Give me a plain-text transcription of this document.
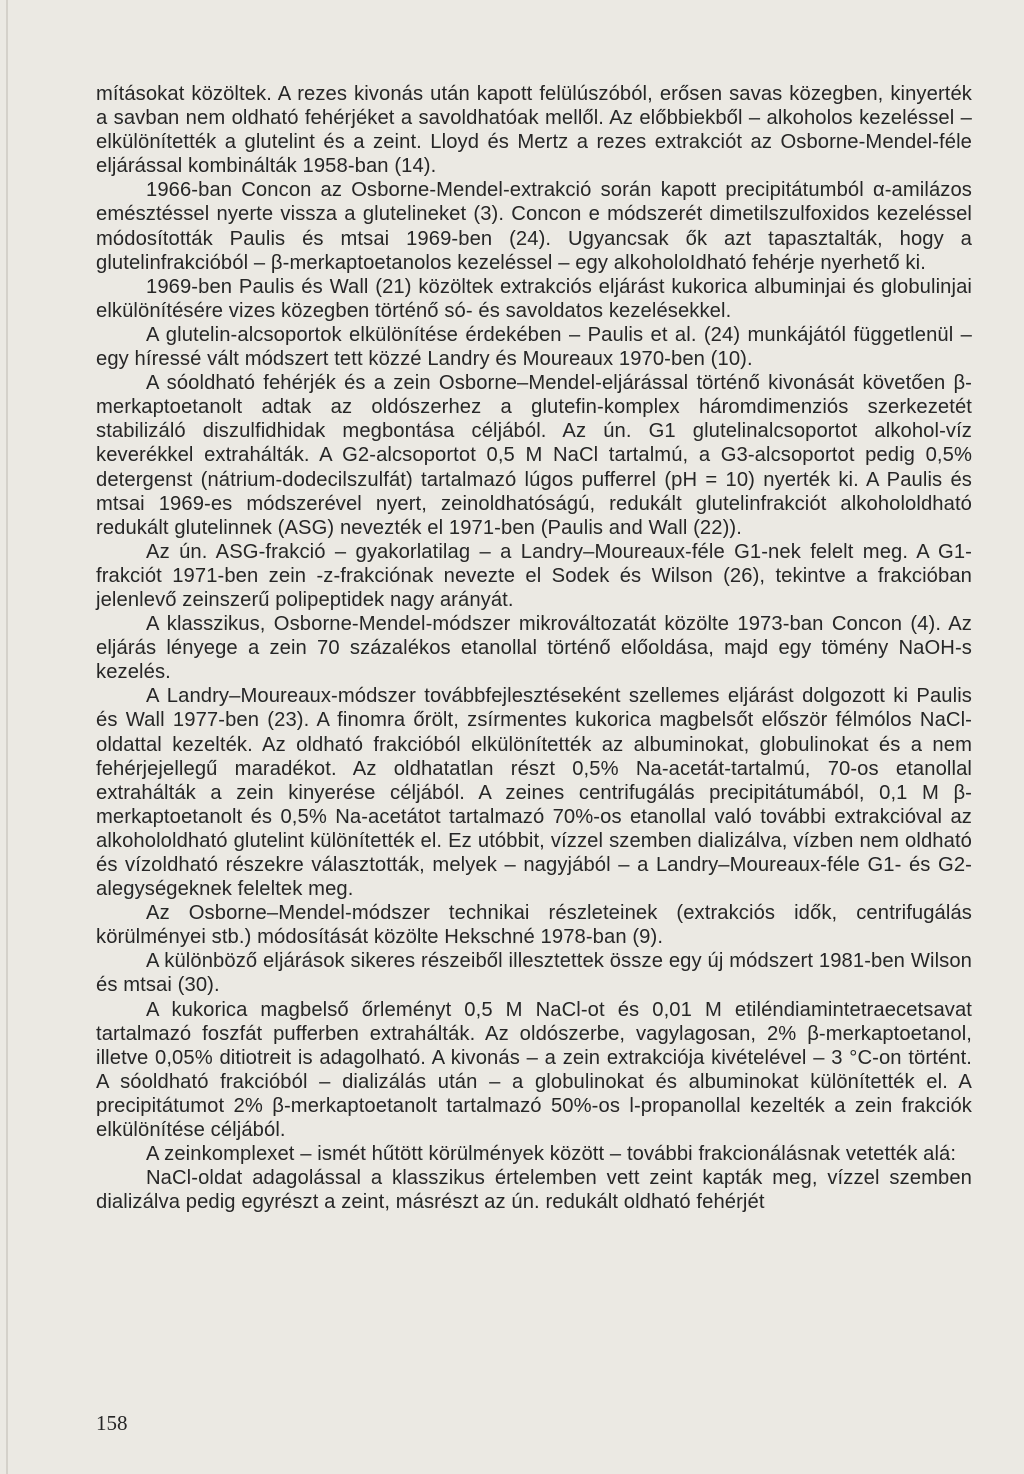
mításokat közöltek. A rezes kivonás után kapott felülúszóból, erősen savas közegben, kinyerték a savban nem oldható fehérjéket a savoldhatóak mellől. Az előbbiekből – alkoholos kezeléssel – elkülönítették a glutelint és a zeint. Lloyd és Mertz a rezes extrakciót az Osborne-Mendel-féle eljárással kombinálták 1958-ban (14).

1966-ban Concon az Osborne-Mendel-extrakció során kapott precipitátumból α-amilázos emésztéssel nyerte vissza a glutelineket (3). Concon e módszerét dimetilszulfoxidos kezeléssel módosították Paulis és mtsai 1969-ben (24). Ugyancsak ők azt tapasztalták, hogy a glutelinfrakcióból – β-merkaptoetanolos kezeléssel – egy alkoholoIdható fehérje nyerhető ki.

1969-ben Paulis és Wall (21) közöltek extrakciós eljárást kukorica albuminjai és globulinjai elkülönítésére vizes közegben történő só- és savoldatos kezelésekkel.

A glutelin-alcsoportok elkülönítése érdekében – Paulis et al. (24) munkájától függetlenül – egy híressé vált módszert tett közzé Landry és Moureaux 1970-ben (10).

A sóoldható fehérjék és a zein Osborne–Mendel-eljárással történő kivonását követően β-merkaptoetanolt adtak az oldószerhez a glutefin-komplex háromdimenziós szerkezetét stabilizáló diszulfidhidak megbontása céljából. Az ún. G1 glutelinalcsoportot alkohol-víz keverékkel extrahálták. A G2-alcsoportot 0,5 M NaCl tartalmú, a G3-alcsoportot pedig 0,5% detergenst (nátrium-dodecilszulfát) tartalmazó lúgos pufferrel (pH = 10) nyerték ki. A Paulis és mtsai 1969-es módszerével nyert, zeinoldhatóságú, redukált glutelinfrakciót alkohololdható redukált glutelinnek (ASG) nevezték el 1971-ben (Paulis and Wall (22)).

Az ún. ASG-frakció – gyakorlatilag – a Landry–Moureaux-féle G1-nek felelt meg. A G1-frakciót 1971-ben zein -z-frakciónak nevezte el Sodek és Wilson (26), tekintve a frakcióban jelenlevő zeinszerű polipeptidek nagy arányát.

A klasszikus, Osborne-Mendel-módszer mikrováltozatát közölte 1973-ban Concon (4). Az eljárás lényege a zein 70 százalékos etanollal történő előoldása, majd egy tömény NaOH-s kezelés.

A Landry–Moureaux-módszer továbbfejlesztéseként szellemes eljárást dolgozott ki Paulis és Wall 1977-ben (23). A finomra őrölt, zsírmentes kukorica magbelsőt először félmólos NaCl-oldattal kezelték. Az oldható frakcióból elkülönítették az albuminokat, globulinokat és a nem fehérjejellegű maradékot. Az oldhatatlan részt 0,5% Na-acetát-tartalmú, 70-os etanollal extrahálták a zein kinyerése céljából. A zeines centrifugálás precipitátumából, 0,1 M β-merkaptoetanolt és 0,5% Na-acetátot tartalmazó 70%-os etanollal való további extrakcióval az alkohololdható glutelint különítették el. Ez utóbbit, vízzel szemben dializálva, vízben nem oldható és vízoldható részekre választották, melyek – nagyjából – a Landry–Moureaux-féle G1- és G2-alegységeknek feleltek meg.

Az Osborne–Mendel-módszer technikai részleteinek (extrakciós idők, centrifugálás körülményei stb.) módosítását közölte Hekschné 1978-ban (9).

A különböző eljárások sikeres részeiből illesztettek össze egy új módszert 1981-ben Wilson és mtsai (30).

A kukorica magbelső őrleményt 0,5 M NaCl-ot és 0,01 M etiléndiamintetraecetsavat tartalmazó foszfát pufferben extrahálták. Az oldószerbe, vagylagosan, 2% β-merkaptoetanol, illetve 0,05% ditiotreit is adagolható. A kivonás – a zein extrakciója kivételével – 3 °C-on történt. A sóoldható frakcióból – dializálás után – a globulinokat és albuminokat különítették el. A precipitátumot 2% β-merkaptoetanolt tartalmazó 50%-os l-propanollal kezelték a zein frakciók elkülönítése céljából.

A zeinkomplexet – ismét hűtött körülmények között – további frakcionálásnak vetették alá:

NaCl-oldat adagolással a klasszikus értelemben vett zeint kapták meg, vízzel szemben dializálva pedig egyrészt a zeint, másrészt az ún. redukált oldható fehérjét

158
